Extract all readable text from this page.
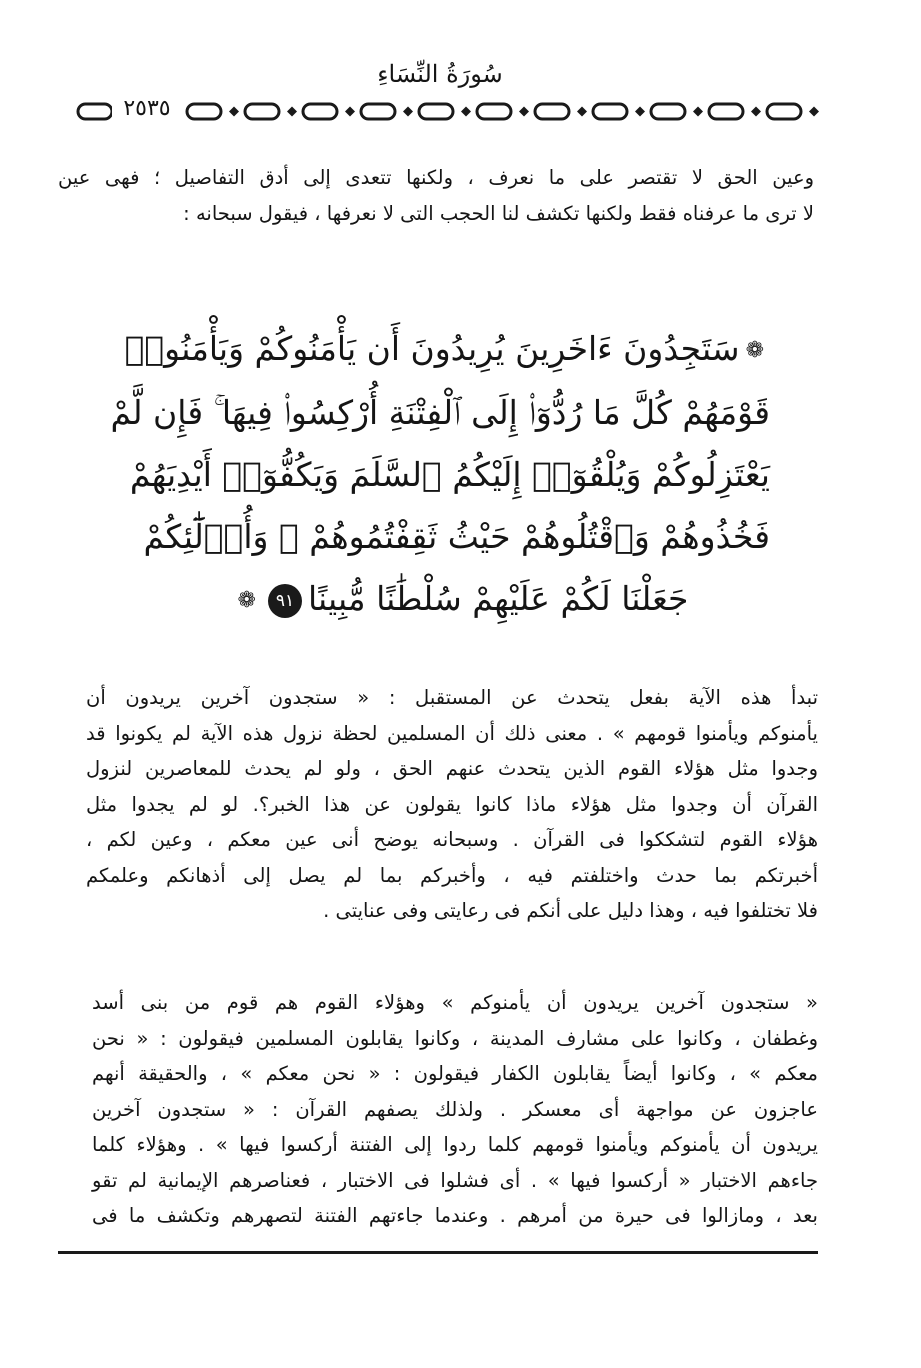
سُورَةُ النِّسَاءِ
٢٥٣٥

وعين الحق لا تقتصر على ما نعرف ، ولكنها تتعدى إلى أدق التفاصيل ؛ فهى عين
لا ترى ما عرفناه فقط ولكنها تكشف لنا الحجب التى لا نعرفها ، فيقول سبحانه :

❁سَتَجِدُونَ ءَاخَرِينَ يُرِيدُونَ أَن يَأْمَنُوكُمْ وَيَأْمَنُوا۟
قَوْمَهُمْ كُلَّ مَا رُدُّوٓا۟ إِلَى ٱلْفِتْنَةِ أُرْكِسُوا۟ فِيهَا ۚ فَإِن لَّمْ
يَعْتَزِلُوكُمْ وَيُلْقُوٓا۟ إِلَيْكُمُ ٱلسَّلَمَ وَيَكُفُّوٓا۟ أَيْدِيَهُمْ
فَخُذُوهُمْ وَٱقْتُلُوهُمْ حَيْثُ ثَقِفْتُمُوهُمْ ۚ وَأُو۟لَٰٓئِكُمْ
جَعَلْنَا لَكُمْ عَلَيْهِمْ سُلْطَٰنًا مُّبِينًا٩١❁

تبدأ هذه الآية بفعل يتحدث عن المستقبل : « ستجدون آخرين يريدون أن
يأمنوكم ويأمنوا قومهم » . معنى ذلك أن المسلمين لحظة نزول هذه الآية لم يكونوا قد
وجدوا مثل هؤلاء القوم الذين يتحدث عنهم الحق ، ولو لم يحدث للمعاصرين لنزول
القرآن أن وجدوا مثل هؤلاء ماذا كانوا يقولون عن هذا الخبر؟. لو لم يجدوا مثل
هؤلاء القوم لتشككوا فى القرآن . وسبحانه يوضح أنى عين معكم ، وعين لكم ،
أخبرتكم بما حدث واختلفتم فيه ، وأخبركم بما لم يصل إلى أذهانكم وعلمكم
فلا تختلفوا فيه ، وهذا دليل على أنكم فى رعايتى وفى عنايتى .

« ستجدون آخرين يريدون أن يأمنوكم » وهؤلاء القوم هم قوم من بنى أسد
وغطفان ، وكانوا على مشارف المدينة ، وكانوا يقابلون المسلمين فيقولون : « نحن
معكم » ، وكانوا أيضاً يقابلون الكفار فيقولون : « نحن معكم » ، والحقيقة أنهم
عاجزون عن مواجهة أى معسكر . ولذلك يصفهم القرآن : « ستجدون آخرين
يريدون أن يأمنوكم ويأمنوا قومهم كلما ردوا إلى الفتنة أركسوا فيها » . وهؤلاء كلما
جاءهم الاختبار « أركسوا فيها » . أى فشلوا فى الاختبار ، فعناصرهم الإيمانية لم تقو
بعد ، ومازالوا فى حيرة من أمرهم . وعندما جاءتهم الفتنة لتصهرهم وتكشف ما فى
